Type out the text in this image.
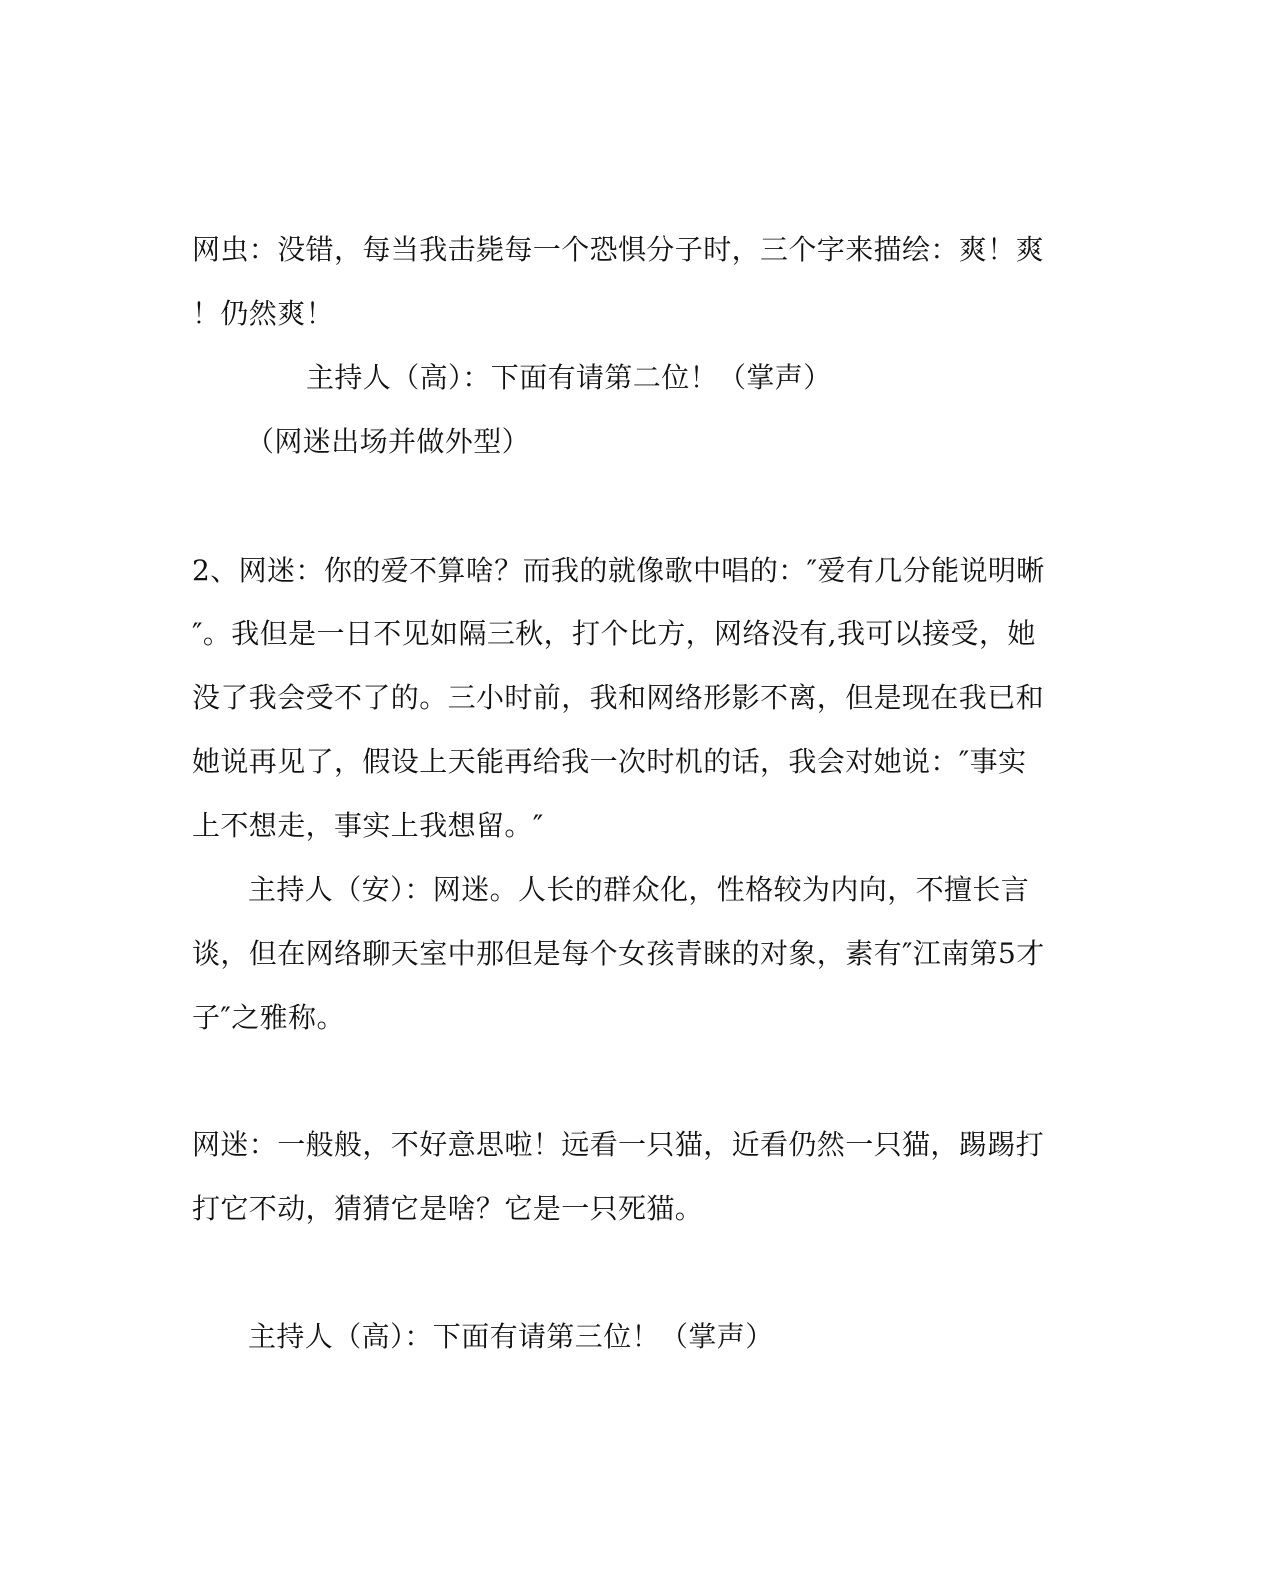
网虫：没错，每当我击毙每一个恐惧分子时，三个字来描绘：爽！爽
！仍然爽！
主持人（高）：下面有请第二位！（掌声）
（网迷出场并做外型）
2、网迷：你的爱不算啥？而我的就像歌中唱的：″爱有几分能说明晰
″。我但是一日不见如隔三秋，打个比方，网络没有,我可以接受，她
没了我会受不了的。三小时前，我和网络形影不离，但是现在我已和
她说再见了，假设上天能再给我一次时机的话，我会对她说：″事实
上不想走，事实上我想留。″
主持人（安）：网迷。人长的群众化，性格较为内向，不擅长言
谈，但在网络聊天室中那但是每个女孩青睐的对象，素有″江南第5才
子″之雅称。
网迷：一般般，不好意思啦！远看一只猫，近看仍然一只猫，踢踢打
打它不动，猜猜它是啥？它是一只死猫。
主持人（高）：下面有请第三位！（掌声）
